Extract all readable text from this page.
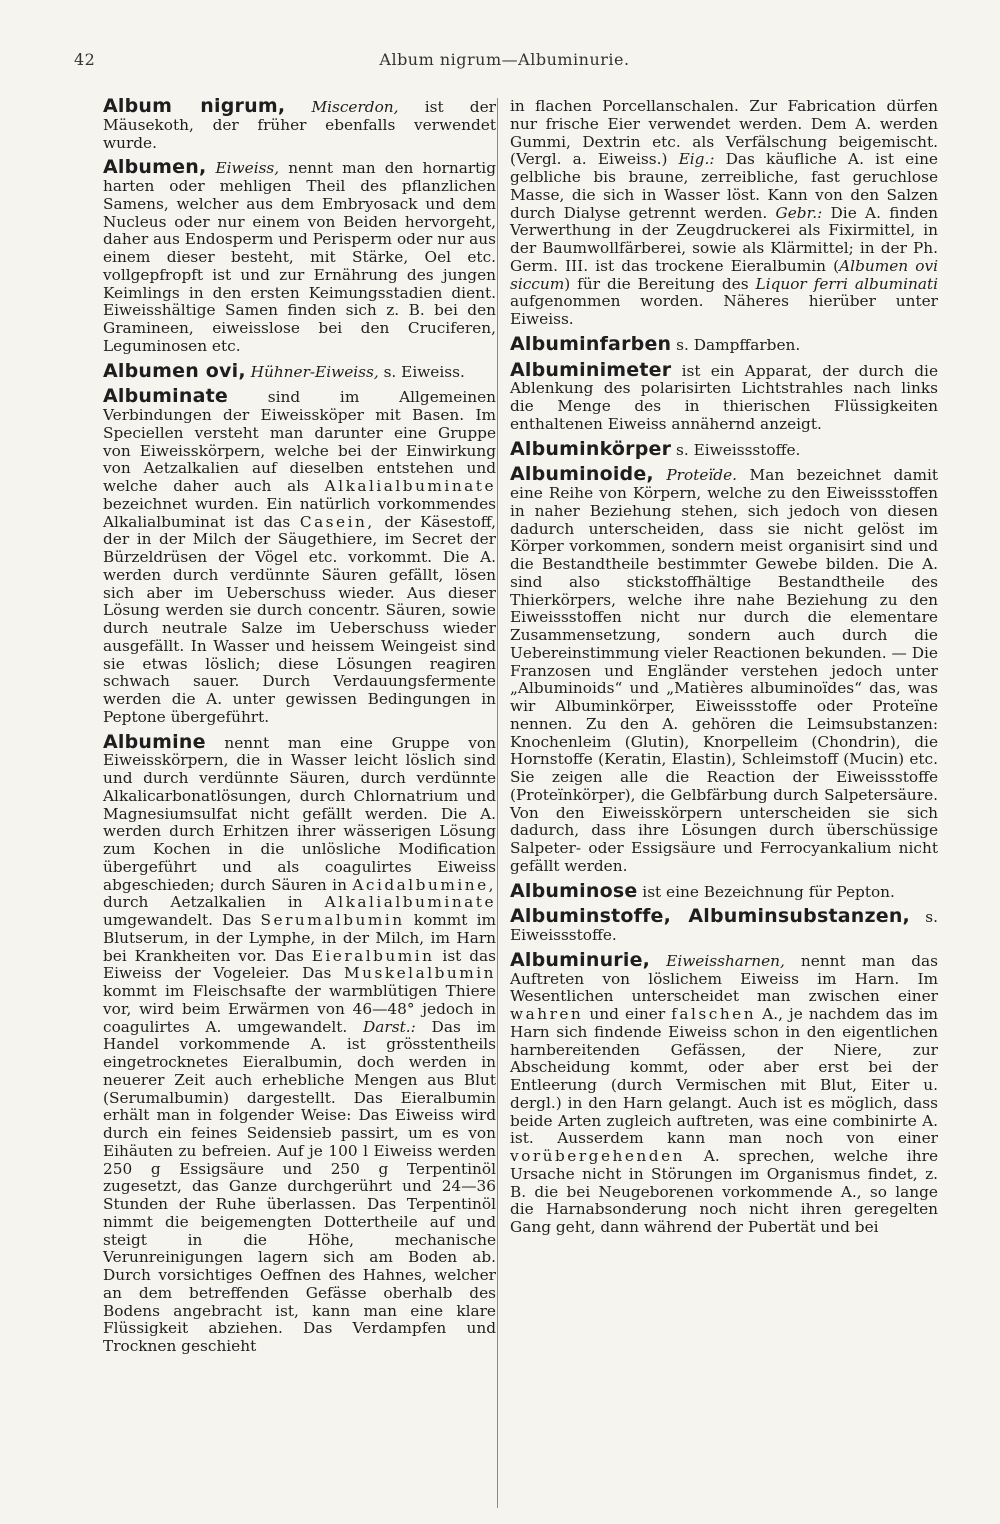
42	Album nigrum—Albuminurie.

Album nigrum, Miscerdon, ist der Mäusekoth, der früher ebenfalls verwendet wurde.

Albumen, Eiweiss, nennt man den hornartig harten oder mehligen Theil des pflanzlichen Samens, welcher aus dem Embryosack und dem Nucleus oder nur einem von Beiden hervorgeht, daher aus Endosperm und Perisperm oder nur aus einem dieser besteht, mit Stärke, Oel etc. vollgepfropft ist und zur Ernährung des jungen Keimlings in den ersten Keimungsstadien dient. Eiweisshältige Samen finden sich z. B. bei den Gramineen, eiweisslose bei den Cruciferen, Leguminosen etc.

Albumen ovi, Hühner-Eiweiss, s. Eiweiss.

Albuminate sind im Allgemeinen Verbindungen der Eiweissköper mit Basen. Im Speciellen versteht man darunter eine Gruppe von Eiweisskörpern, welche bei der Einwirkung von Aetzalkalien auf dieselben entstehen und welche daher auch als Alkalialbuminate bezeichnet wurden. Ein natürlich vorkommendes Alkalialbuminat ist das Casein, der Käsestoff, der in der Milch der Säugethiere, im Secret der Bürzeldrüsen der Vögel etc. vorkommt. Die A. werden durch verdünnte Säuren gefällt, lösen sich aber im Ueberschuss wieder. Aus dieser Lösung werden sie durch concentr. Säuren, sowie durch neutrale Salze im Ueberschuss wieder ausgefällt. In Wasser und heissem Weingeist sind sie etwas löslich; diese Lösungen reagiren schwach sauer. Durch Verdauungsfermente werden die A. unter gewissen Bedingungen in Peptone übergeführt.

Albumine nennt man eine Gruppe von Eiweisskörpern, die in Wasser leicht löslich sind und durch verdünnte Säuren, durch verdünnte Alkalicarbonatlösungen, durch Chlornatrium und Magnesiumsulfat nicht gefällt werden. Die A. werden durch Erhitzen ihrer wässerigen Lösung zum Kochen in die unlösliche Modification übergeführt und als coagulirtes Eiweiss abgeschieden; durch Säuren in Acidalbumine, durch Aetzalkalien in Alkalialbuminate umgewandelt. Das Serumalbumin kommt im Blutserum, in der Lymphe, in der Milch, im Harn bei Krankheiten vor. Das Eieralbumin ist das Eiweiss der Vogeleier. Das Muskelalbumin kommt im Fleischsafte der warmblütigen Thiere vor, wird beim Erwärmen von 46—48° jedoch in coagulirtes A. umgewandelt. Darst.: Das im Handel vorkommende A. ist grösstentheils eingetrocknetes Eieralbumin, doch werden in neuerer Zeit auch erhebliche Mengen aus Blut (Serumalbumin) dargestellt. Das Eieralbumin erhält man in folgender Weise: Das Eiweiss wird durch ein feines Seidensieb passirt, um es von Eihäuten zu befreien. Auf je 100 l Eiweiss werden 250 g Essigsäure und 250 g Terpentinöl zugesetzt, das Ganze durchgerührt und 24—36 Stunden der Ruhe überlassen. Das Terpentinöl nimmt die beigemengten Dottertheile auf und steigt in die Höhe, mechanische Verunreinigungen lagern sich am Boden ab. Durch vorsichtiges Oeffnen des Hahnes, welcher an dem betreffenden Gefässe oberhalb des Bodens angebracht ist, kann man eine klare Flüssigkeit abziehen. Das Verdampfen und Trocknen geschieht

in flachen Porcellanschalen. Zur Fabrication dürfen nur frische Eier verwendet werden. Dem A. werden Gummi, Dextrin etc. als Verfälschung beigemischt. (Vergl. a. Eiweiss.) Eig.: Das käufliche A. ist eine gelbliche bis braune, zerreibliche, fast geruchlose Masse, die sich in Wasser löst. Kann von den Salzen durch Dialyse getrennt werden. Gebr.: Die A. finden Verwerthung in der Zeugdruckerei als Fixirmittel, in der Baumwollfärberei, sowie als Klärmittel; in der Ph. Germ. III. ist das trockene Eieralbumin (Albumen ovi siccum) für die Bereitung des Liquor ferri albuminati aufgenommen worden. Näheres hierüber unter Eiweiss.

Albuminfarben s. Dampffarben.

Albuminimeter ist ein Apparat, der durch die Ablenkung des polarisirten Lichtstrahles nach links die Menge des in thierischen Flüssigkeiten enthaltenen Eiweiss annähernd anzeigt.

Albuminkörper s. Eiweissstoffe.

Albuminoide, Proteïde. Man bezeichnet damit eine Reihe von Körpern, welche zu den Eiweissstoffen in naher Beziehung stehen, sich jedoch von diesen dadurch unterscheiden, dass sie nicht gelöst im Körper vorkommen, sondern meist organisirt sind und die Bestandtheile bestimmter Gewebe bilden. Die A. sind also stickstoffhältige Bestandtheile des Thierkörpers, welche ihre nahe Beziehung zu den Eiweissstoffen nicht nur durch die elementare Zusammensetzung, sondern auch durch die Uebereinstimmung vieler Reactionen bekunden. — Die Franzosen und Engländer verstehen jedoch unter „Albuminoids“ und „Matières albuminoïdes“ das, was wir Albuminkörper, Eiweissstoffe oder Proteïne nennen. Zu den A. gehören die Leimsubstanzen: Knochenleim (Glutin), Knorpelleim (Chondrin), die Hornstoffe (Keratin, Elastin), Schleimstoff (Mucin) etc. Sie zeigen alle die Reaction der Eiweissstoffe (Proteïnkörper), die Gelbfärbung durch Salpetersäure. Von den Eiweisskörpern unterscheiden sie sich dadurch, dass ihre Lösungen durch überschüssige Salpeter- oder Essigsäure und Ferrocyankalium nicht gefällt werden.

Albuminose ist eine Bezeichnung für Pepton.

Albuminstoffe, Albuminsubstanzen, s. Eiweissstoffe.

Albuminurie, Eiweissharnen, nennt man das Auftreten von löslichem Eiweiss im Harn. Im Wesentlichen unterscheidet man zwischen einer wahren und einer falschen A., je nachdem das im Harn sich findende Eiweiss schon in den eigentlichen harnbereitenden Gefässen, der Niere, zur Abscheidung kommt, oder aber erst bei der Entleerung (durch Vermischen mit Blut, Eiter u. dergl.) in den Harn gelangt. Auch ist es möglich, dass beide Arten zugleich auftreten, was eine combinirte A. ist. Ausserdem kann man noch von einer vorübergehenden A. sprechen, welche ihre Ursache nicht in Störungen im Organismus findet, z. B. die bei Neugeborenen vorkommende A., so lange die Harnabsonderung noch nicht ihren geregelten Gang geht, dann während der Pubertät und bei
